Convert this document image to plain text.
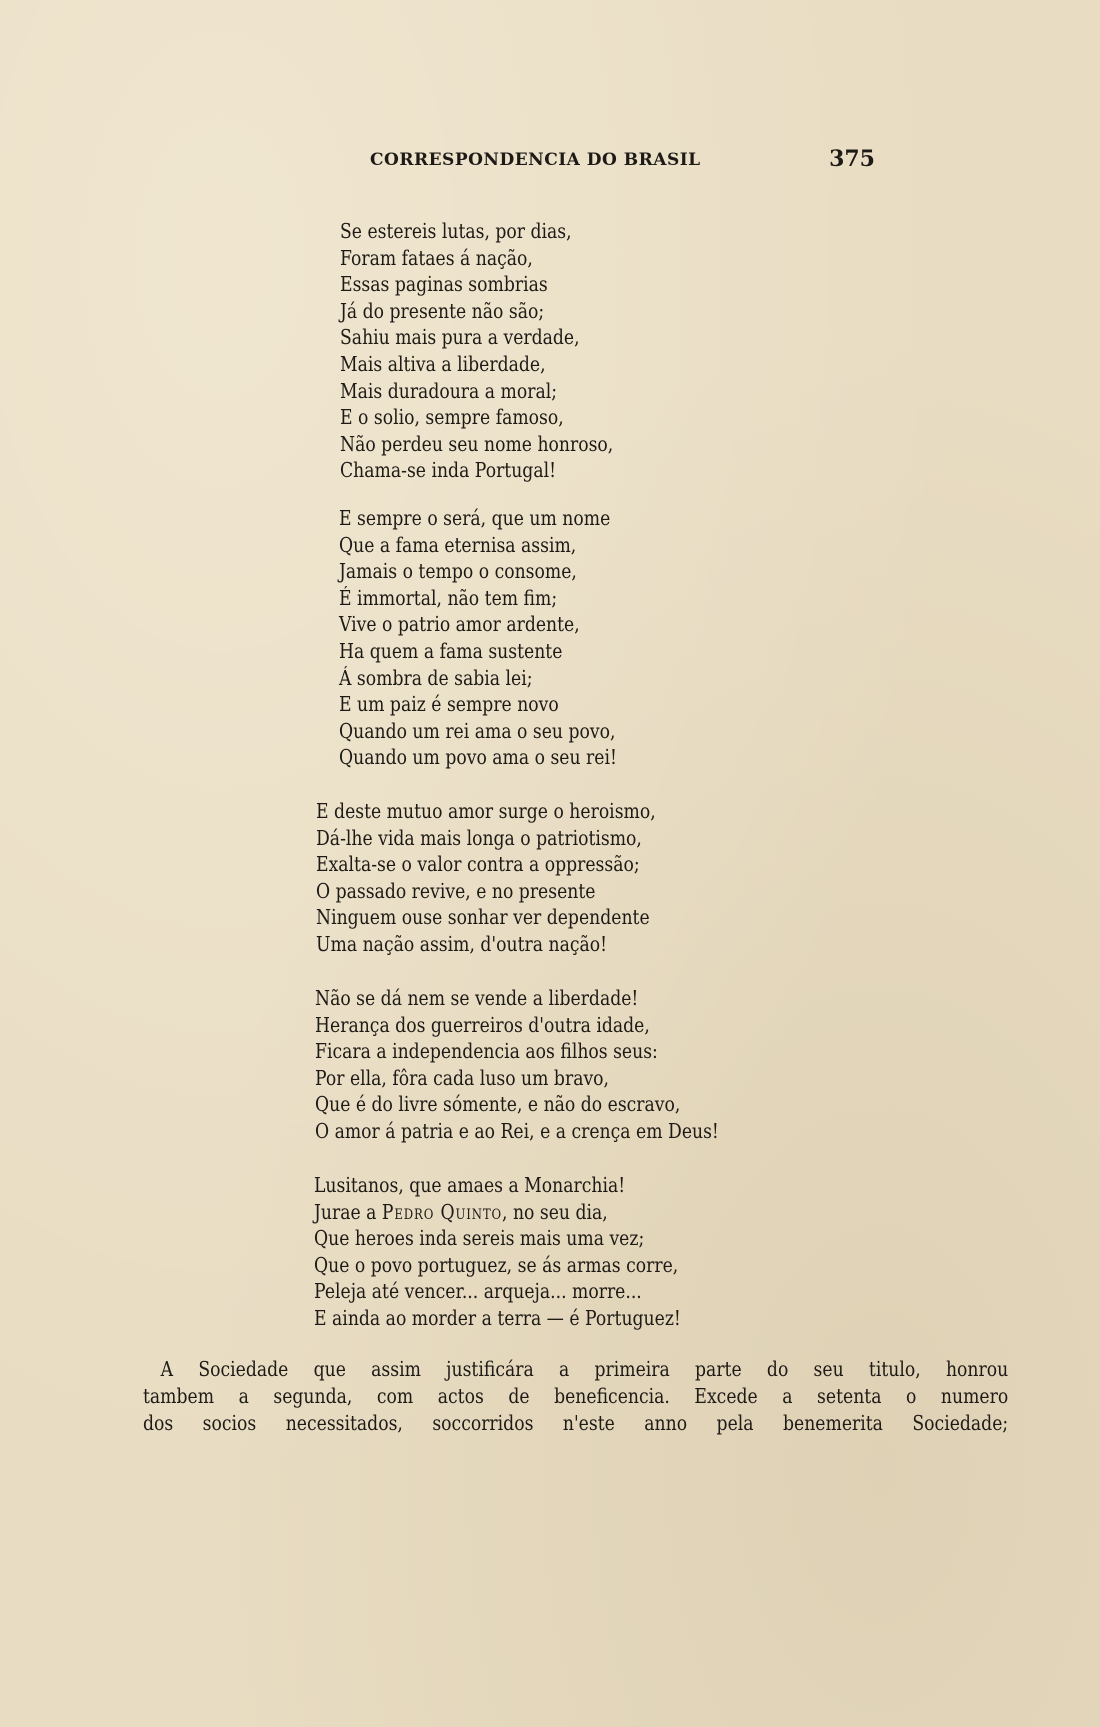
CORRESPONDENCIA DO BRASIL	375
Se estereis lutas, por dias,
Foram fataes á nação,
Essas paginas sombrias
Já do presente não são;
Sahiu mais pura a verdade,
Mais altiva a liberdade,
Mais duradoura a moral;
E o solio, sempre famoso,
Não perdeu seu nome honroso,
Chama-se inda Portugal!
E sempre o será, que um nome
Que a fama eternisa assim,
Jamais o tempo o consome,
É immortal, não tem fim;
Vive o patrio amor ardente,
Ha quem a fama sustente
Á sombra de sabia lei;
E um paiz é sempre novo
Quando um rei ama o seu povo,
Quando um povo ama o seu rei!
E deste mutuo amor surge o heroismo,
Dá-lhe vida mais longa o patriotismo,
Exalta-se o valor contra a oppressão;
O passado revive, e no presente
Ninguem ouse sonhar ver dependente
Uma nação assim, d'outra nação!
Não se dá nem se vende a liberdade!
Herança dos guerreiros d'outra idade,
Ficara a independencia aos filhos seus:
Por ella, fôra cada luso um bravo,
Que é do livre sómente, e não do escravo,
O amor á patria e ao Rei, e a crença em Deus!
Lusitanos, que amaes a Monarchia!
Jurae a Pedro Quinto, no seu dia,
Que heroes inda sereis mais uma vez;
Que o povo portuguez, se ás armas corre,
Peleja até vencer... arqueja... morre...
E ainda ao morder a terra — é Portuguez!
A Sociedade que assim justificára a primeira parte do seu titulo, honrou
tambem a segunda, com actos de beneficencia. Excede a setenta o numero
dos socios necessitados, soccorridos n'este anno pela benemerita Sociedade;
